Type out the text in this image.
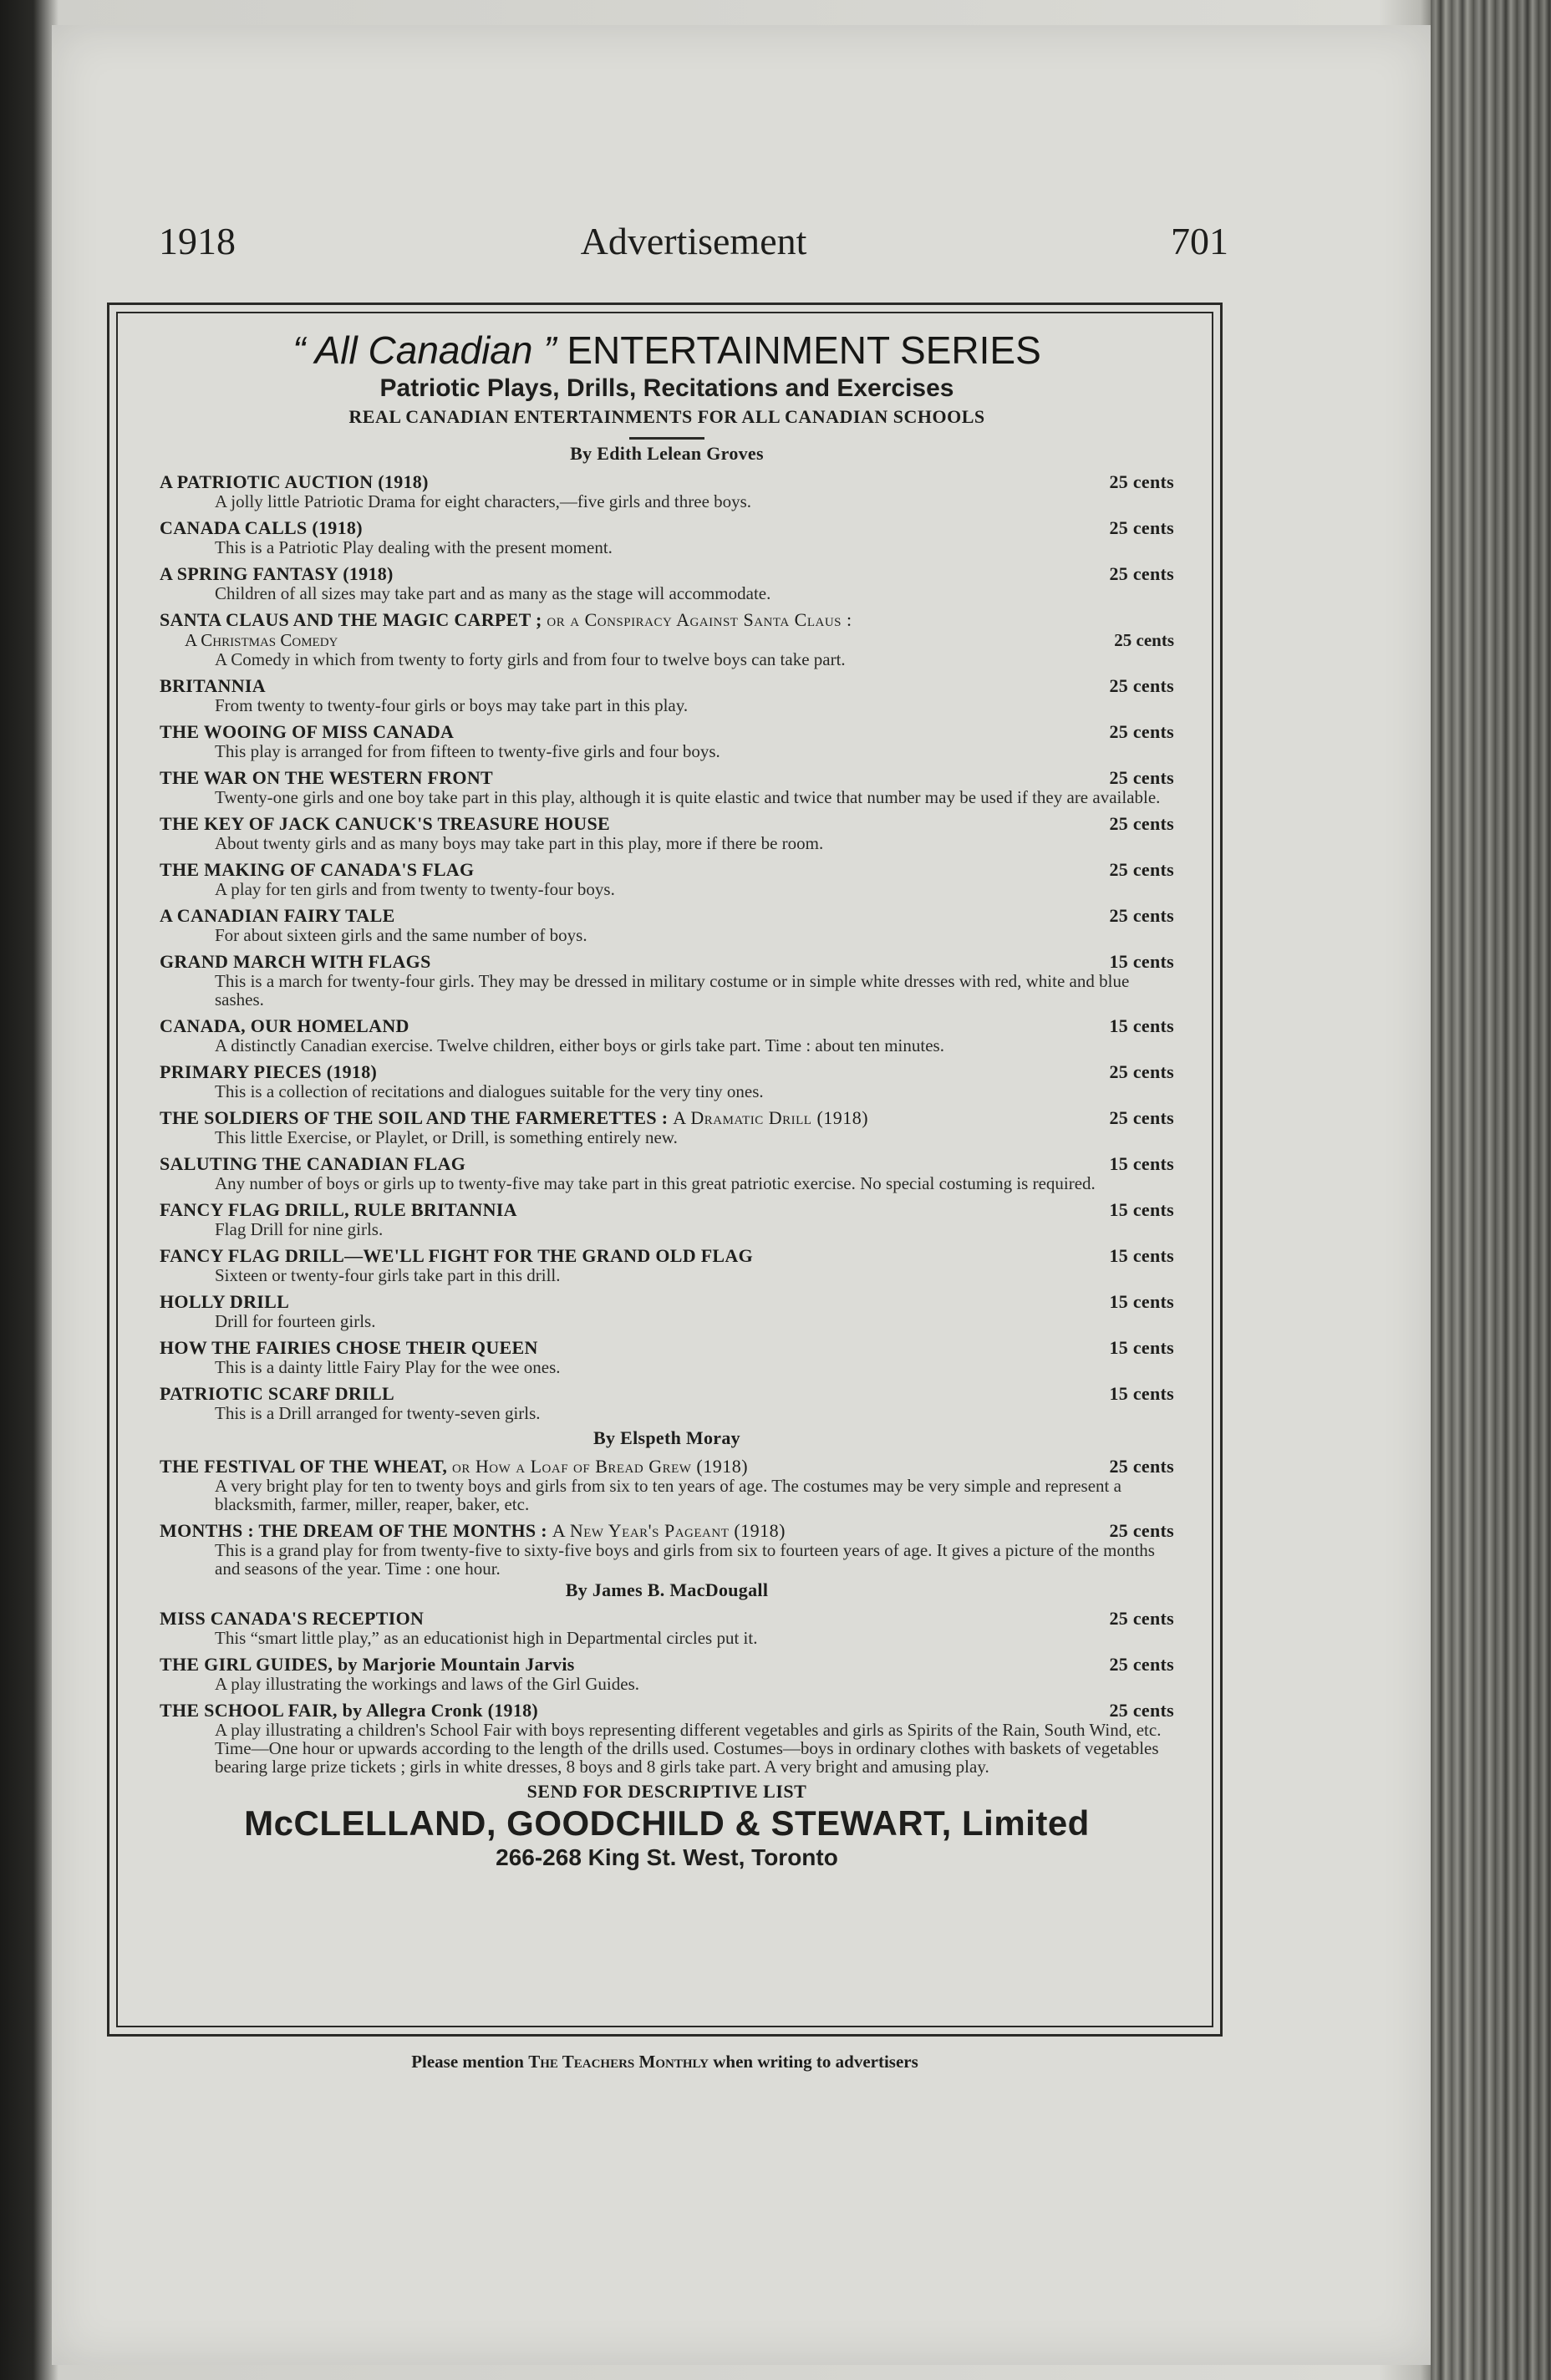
1918	Advertisement	701
“ All Canadian ” ENTERTAINMENT SERIES
Patriotic Plays, Drills, Recitations and Exercises
REAL CANADIAN ENTERTAINMENTS FOR ALL CANADIAN SCHOOLS
By Edith Lelean Groves
A PATRIOTIC AUCTION (1918)	25 cents
A jolly little Patriotic Drama for eight characters,—five girls and three boys.
CANADA CALLS (1918)	25 cents
This is a Patriotic Play dealing with the present moment.
A SPRING FANTASY (1918)	25 cents
Children of all sizes may take part and as many as the stage will accommodate.
SANTA CLAUS AND THE MAGIC CARPET ; or a Conspiracy Against Santa Claus :
A Christmas Comedy	25 cents
A Comedy in which from twenty to forty girls and from four to twelve boys can take part.
BRITANNIA	25 cents
From twenty to twenty-four girls or boys may take part in this play.
THE WOOING OF MISS CANADA	25 cents
This play is arranged for from fifteen to twenty-five girls and four boys.
THE WAR ON THE WESTERN FRONT	25 cents
Twenty-one girls and one boy take part in this play, although it is quite elastic and twice that number may be used if they are available.
THE KEY OF JACK CANUCK'S TREASURE HOUSE	25 cents
About twenty girls and as many boys may take part in this play, more if there be room.
THE MAKING OF CANADA'S FLAG	25 cents
A play for ten girls and from twenty to twenty-four boys.
A CANADIAN FAIRY TALE	25 cents
For about sixteen girls and the same number of boys.
GRAND MARCH WITH FLAGS	15 cents
This is a march for twenty-four girls. They may be dressed in military costume or in simple white dresses with red, white and blue sashes.
CANADA, OUR HOMELAND	15 cents
A distinctly Canadian exercise. Twelve children, either boys or girls take part. Time : about ten minutes.
PRIMARY PIECES (1918)	25 cents
This is a collection of recitations and dialogues suitable for the very tiny ones.
THE SOLDIERS OF THE SOIL AND THE FARMERETTES : A Dramatic Drill (1918)	25 cents
This little Exercise, or Playlet, or Drill, is something entirely new.
SALUTING THE CANADIAN FLAG	15 cents
Any number of boys or girls up to twenty-five may take part in this great patriotic exercise. No special costuming is required.
FANCY FLAG DRILL, RULE BRITANNIA	15 cents
Flag Drill for nine girls.
FANCY FLAG DRILL—WE'LL FIGHT FOR THE GRAND OLD FLAG	15 cents
Sixteen or twenty-four girls take part in this drill.
HOLLY DRILL	15 cents
Drill for fourteen girls.
HOW THE FAIRIES CHOSE THEIR QUEEN	15 cents
This is a dainty little Fairy Play for the wee ones.
PATRIOTIC SCARF DRILL	15 cents
This is a Drill arranged for twenty-seven girls.
By Elspeth Moray
THE FESTIVAL OF THE WHEAT, or How a Loaf of Bread Grew (1918)	25 cents
A very bright play for ten to twenty boys and girls from six to ten years of age. The costumes may be very simple and represent a blacksmith, farmer, miller, reaper, baker, etc.
MONTHS : THE DREAM OF THE MONTHS : A New Year's Pageant (1918)	25 cents
This is a grand play for from twenty-five to sixty-five boys and girls from six to fourteen years of age. It gives a picture of the months and seasons of the year. Time : one hour.
By James B. MacDougall
MISS CANADA'S RECEPTION	25 cents
This “smart little play,” as an educationist high in Departmental circles put it.
THE GIRL GUIDES, by Marjorie Mountain Jarvis	25 cents
A play illustrating the workings and laws of the Girl Guides.
THE SCHOOL FAIR, by Allegra Cronk (1918)	25 cents
A play illustrating a children's School Fair with boys representing different vegetables and girls as Spirits of the Rain, South Wind, etc. Time—One hour or upwards according to the length of the drills used. Costumes—boys in ordinary clothes with baskets of vegetables bearing large prize tickets ; girls in white dresses, 8 boys and 8 girls take part. A very bright and amusing play.
SEND FOR DESCRIPTIVE LIST
McCLELLAND, GOODCHILD & STEWART, Limited
266-268 King St. West, Toronto
Please mention The Teachers Monthly when writing to advertisers
